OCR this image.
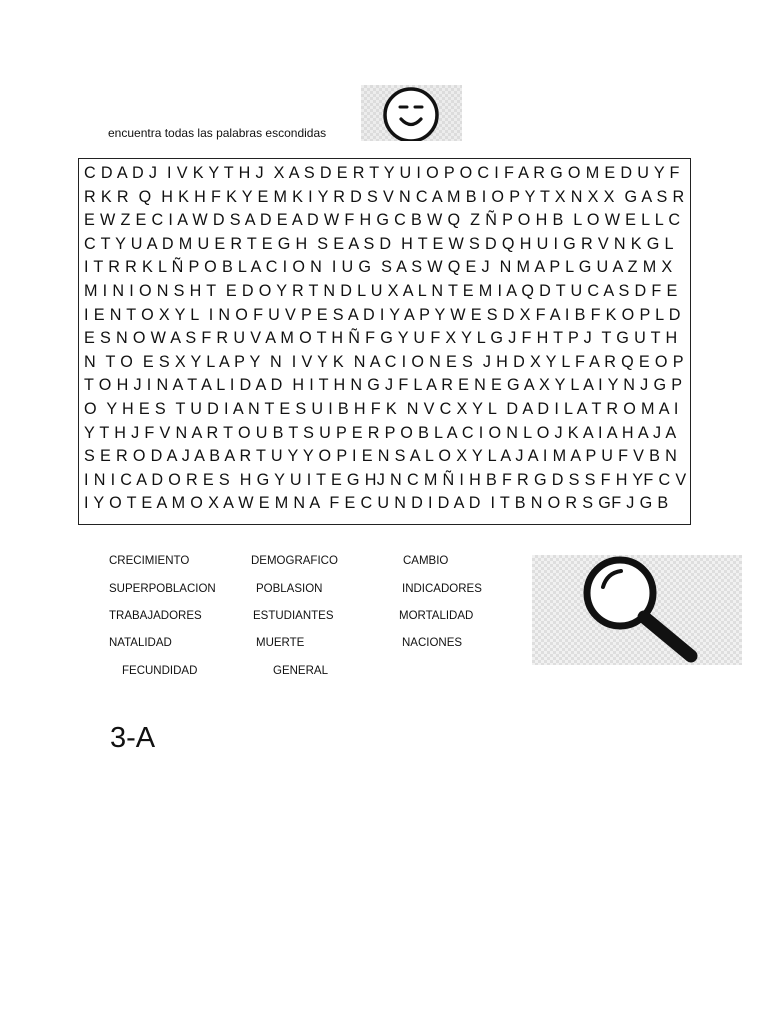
encuentra todas las palabras escondidas
C D A D J  I V K Y T H J  X A S D E R T Y U I O P O C I F A R G O M E D U Y F
R K R  Q  H K H F K Y E M K I Y R D S V N C A M B I O P Y T X N X X  G A S R
E W Z E C I A W D S A D E A D W F H G C B W Q  Z Ñ P O H B  L O W E L L C
C T Y U A D M U E R T E G H  S E A S D  H T E W S D Q H U I G R V N K G L
I T R R K L Ñ P O B L A C I O N  I U G  S A S W Q E J  N M A P L G U A Z M X
M I N I O N S H T  E D O Y R T N D L U X A L N T E M I A Q D T U C A S D F E
I E N T O X Y L  I N O F U V P E S A D I Y A P Y W E S D X F A I B F K O P L D
E S N O W A S F R U V A M O T H Ñ F G Y U F X Y L G J F H T P J  T G U T H
N  T O  E S X Y L A P Y  N  I V Y K  N A C I O N E S  J H D X Y L F A R Q E O P
T O H J I N A T A L I D A D  H I T H N G J F L A R E N E G A X Y L A I Y N J G P
O  Y H E S  T U D I A N T E S U I B H F K  N V C X Y L  D A D I L A T R O M A I
Y T H J F V N A R T O U B T S U P E R P O B L A C I O N L O J K A I A H A J A
S E R O D A J A B A R T U Y Y O P I E N S A L O X Y L A J A I M A P U F V B N
I N I C A D O R E S  H G Y U I T E G HJ N C M Ñ I H B F R G D S S F H YF C V
I Y O T E A M O X A W E M N A  F E C U N D I D A D  I T B N O R S GF J G B
CRECIMIENTO
SUPERPOBLACION
TRABAJADORES
NATALIDAD
FECUNDIDAD
DEMOGRAFICO
POBLASION
ESTUDIANTES
MUERTE
GENERAL
CAMBIO
INDICADORES
MORTALIDAD
NACIONES
3-A
